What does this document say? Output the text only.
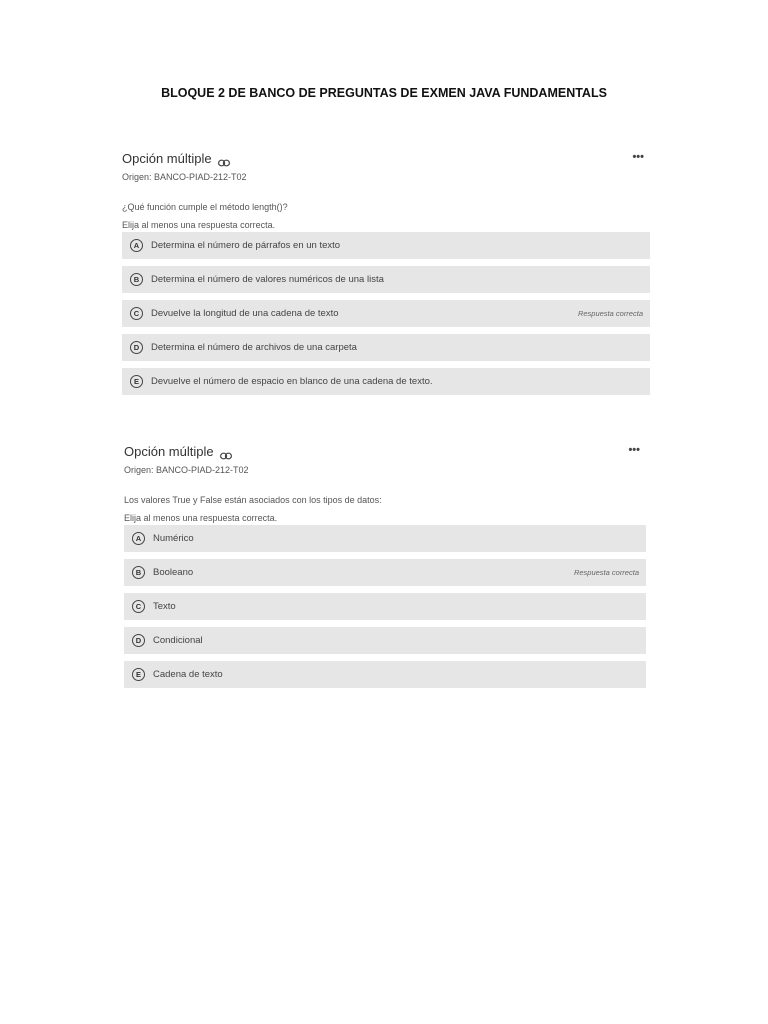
BLOQUE 2 DE BANCO DE PREGUNTAS DE EXMEN JAVA FUNDAMENTALS
Opción múltiple	•••
Origen: BANCO-PIAD-212-T02
¿Qué función cumple el método length()?
Elija al menos una respuesta correcta.
A	Determina el número de párrafos en un texto
B	Determina el número de valores numéricos de una lista
C	Devuelve la longitud de una cadena de texto	Respuesta correcta
D	Determina el número de archivos de una carpeta
E	Devuelve el número de espacio en blanco de una cadena de texto.
Opción múltiple	•••
Origen: BANCO-PIAD-212-T02
Los valores True y False están asociados con los tipos de datos:
Elija al menos una respuesta correcta.
A	Numérico
B	Booleano	Respuesta correcta
C	Texto
D	Condicional
E	Cadena de texto
